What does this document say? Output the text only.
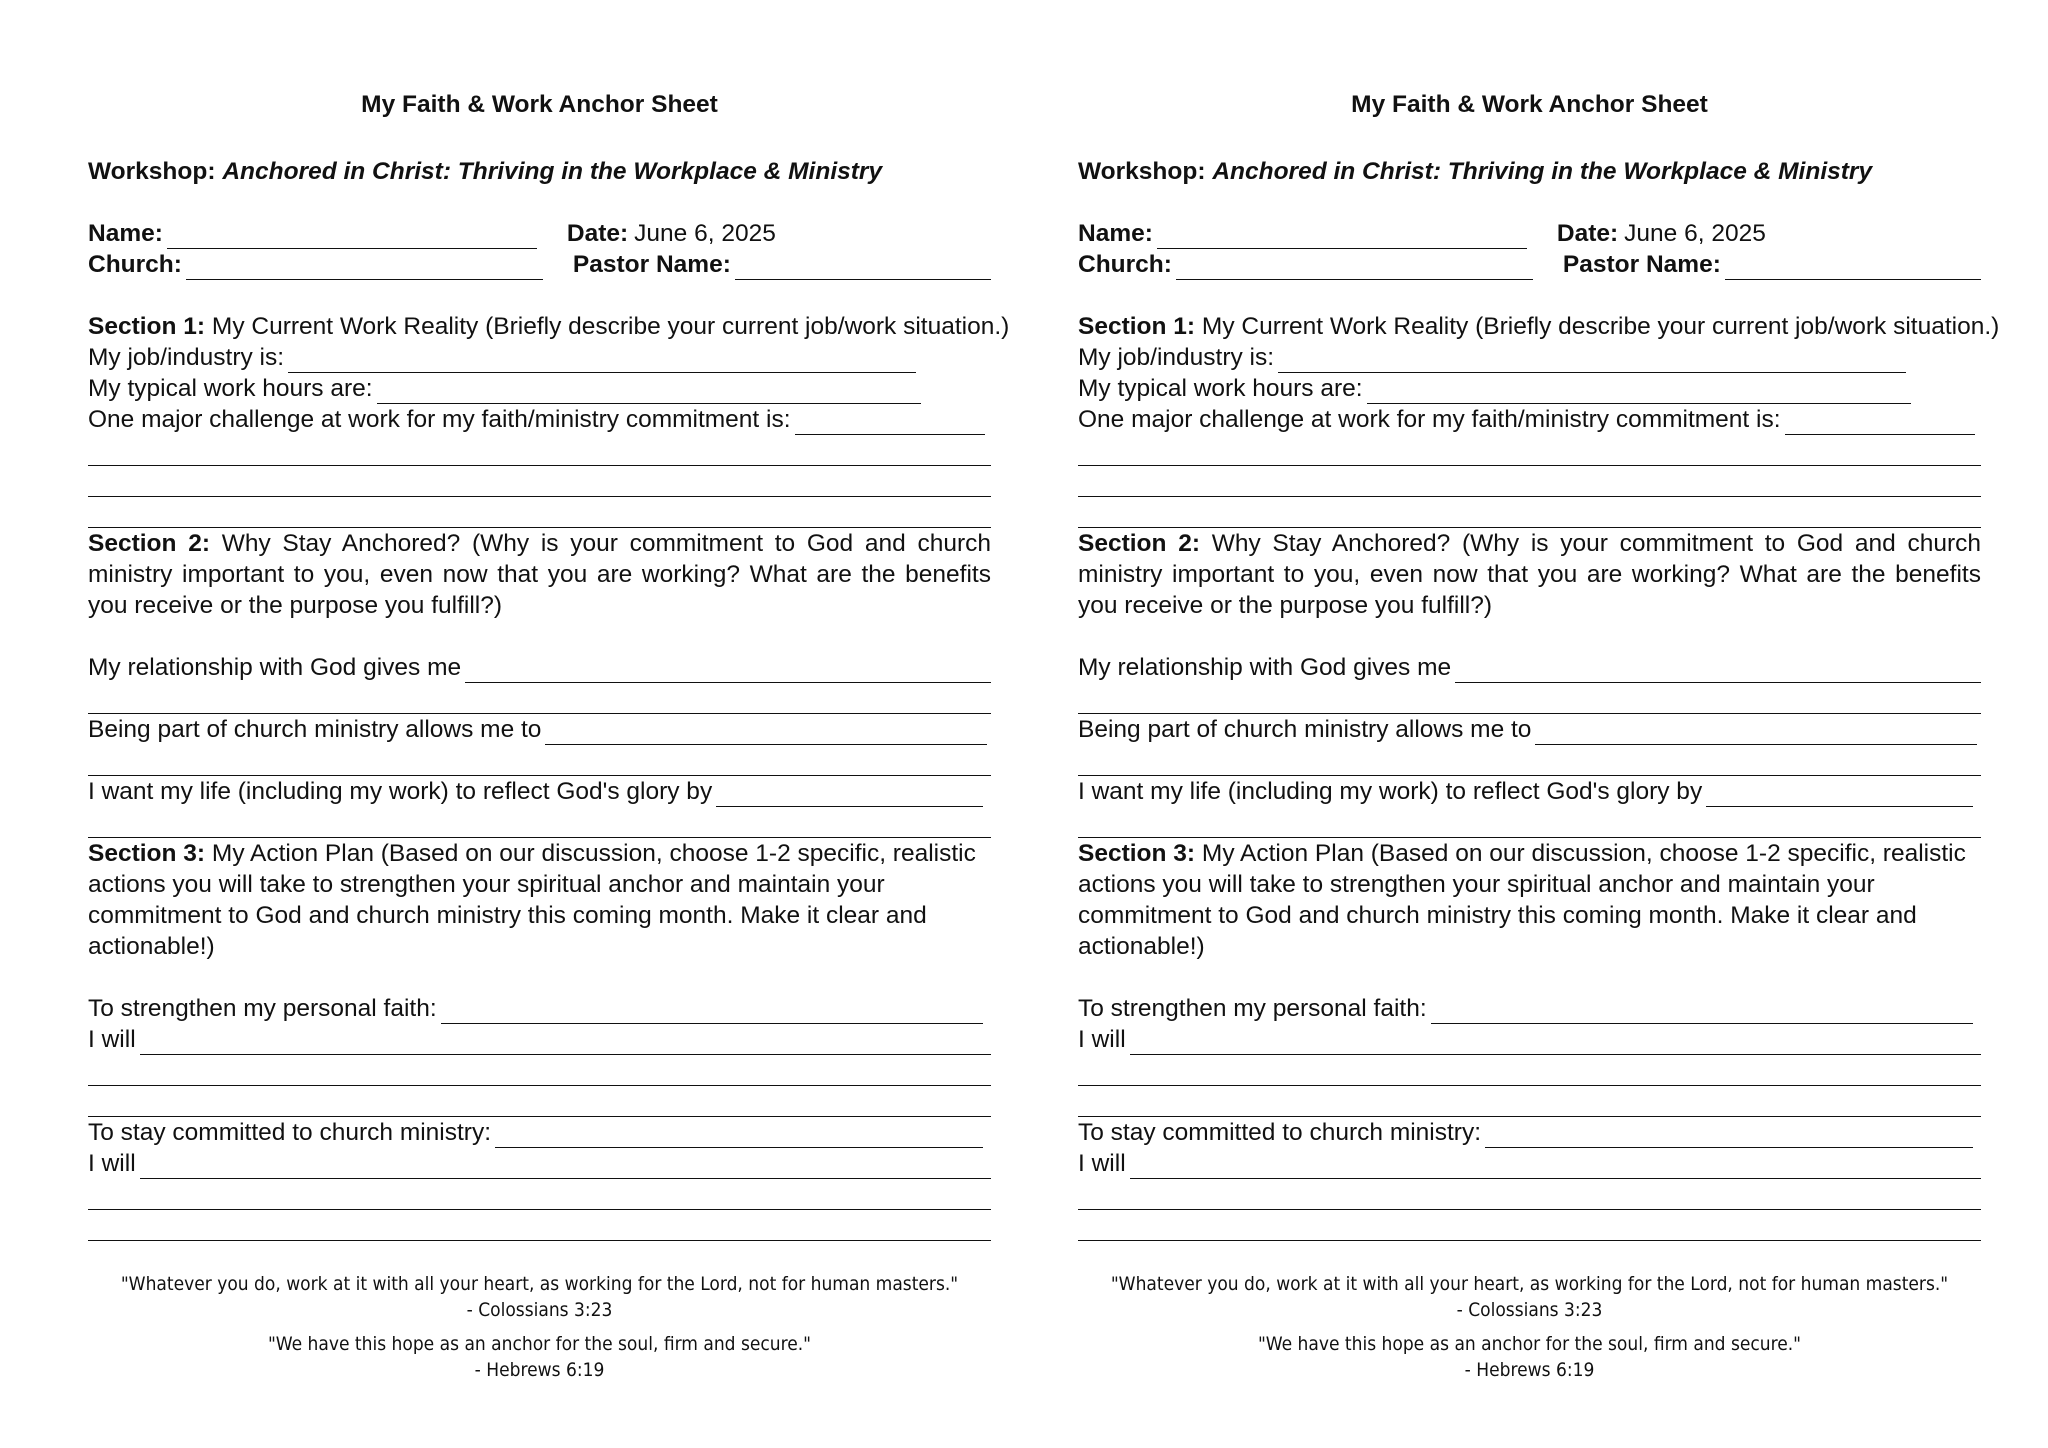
My Faith & Work Anchor Sheet
Workshop: Anchored in Christ: Thriving in the Workplace & Ministry
Name:	Date: June 6, 2025
Church:	Pastor Name:
Section 1: My Current Work Reality (Briefly describe your current job/work situation.)
My job/industry is:
My typical work hours are:
One major challenge at work for my faith/ministry commitment is:
Section 2: Why Stay Anchored? (Why is your commitment to God and church ministry important to you, even now that you are working? What are the benefits you receive or the purpose you fulfill?)
My relationship with God gives me
Being part of church ministry allows me to
I want my life (including my work) to reflect God's glory by
Section 3: My Action Plan (Based on our discussion, choose 1-2 specific, realistic actions you will take to strengthen your spiritual anchor and maintain your commitment to God and church ministry this coming month. Make it clear and actionable!)
To strengthen my personal faith:
I will
To stay committed to church ministry:
I will
"Whatever you do, work at it with all your heart, as working for the Lord, not for human masters."
- Colossians 3:23
"We have this hope as an anchor for the soul, firm and secure."
- Hebrews 6:19
My Faith & Work Anchor Sheet
Workshop: Anchored in Christ: Thriving in the Workplace & Ministry
Name:	Date: June 6, 2025
Church:	Pastor Name:
Section 1: My Current Work Reality (Briefly describe your current job/work situation.)
My job/industry is:
My typical work hours are:
One major challenge at work for my faith/ministry commitment is:
Section 2: Why Stay Anchored? (Why is your commitment to God and church ministry important to you, even now that you are working? What are the benefits you receive or the purpose you fulfill?)
My relationship with God gives me
Being part of church ministry allows me to
I want my life (including my work) to reflect God's glory by
Section 3: My Action Plan (Based on our discussion, choose 1-2 specific, realistic actions you will take to strengthen your spiritual anchor and maintain your commitment to God and church ministry this coming month. Make it clear and actionable!)
To strengthen my personal faith:
I will
To stay committed to church ministry:
I will
"Whatever you do, work at it with all your heart, as working for the Lord, not for human masters."
- Colossians 3:23
"We have this hope as an anchor for the soul, firm and secure."
- Hebrews 6:19
